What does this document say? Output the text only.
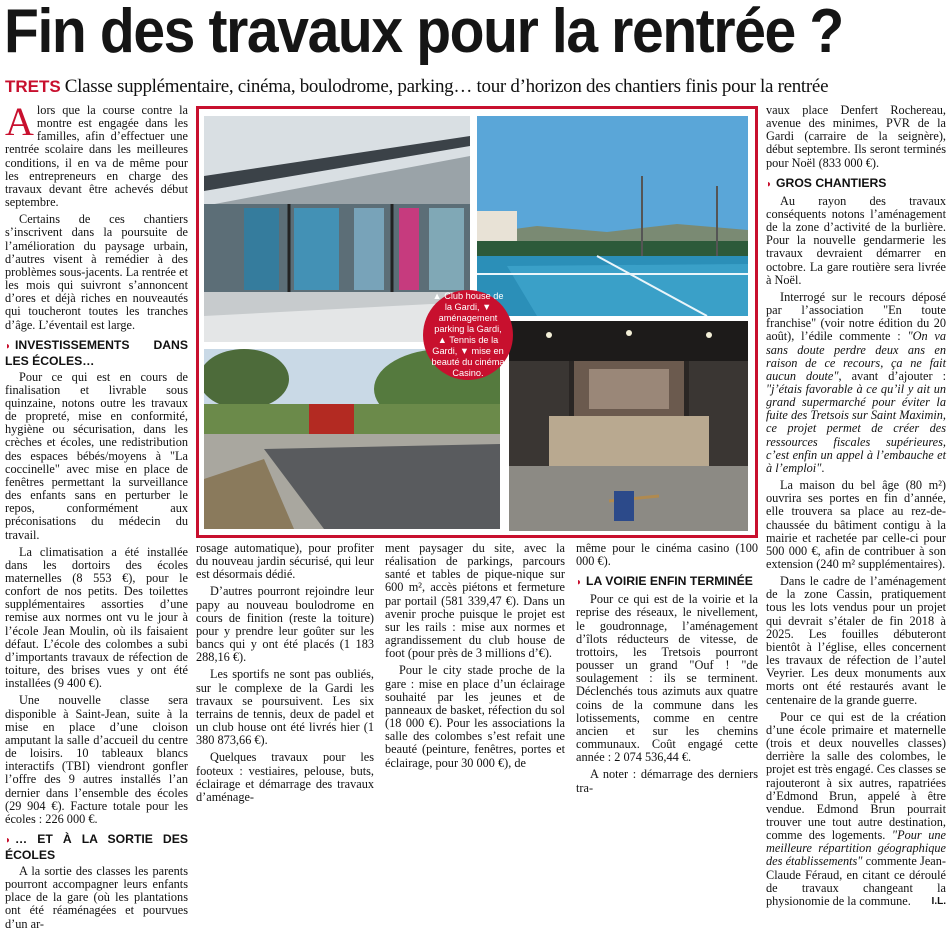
Fin des travaux pour la rentrée ?
TRETS Classe supplémentaire, cinéma, boulodrome, parking… tour d’horizon des chantiers finis pour la rentrée

Alors que la course contre la montre est engagée dans les familles, afin d’effectuer une rentrée scolaire dans les meilleures conditions, il en va de même pour les entrepreneurs en charge des travaux devant être achevés début septembre.

Certains de ces chantiers s’inscrivent dans la poursuite de l’amélioration du paysage urbain, d’autres visent à remédier à des problèmes sous-jacents. La rentrée et les mois qui suivront s’annoncent d’ores et déjà riches en nouveautés qui toucheront toutes les tranches d’âge. L’éventail est large.

◗ INVESTISSEMENTS DANS LES ÉCOLES…

Pour ce qui est en cours de finalisation et livrable sous quinzaine, notons outre les travaux de propreté, mise en conformité, hygiène ou sécurisation, dans les crèches et écoles, une redistribution des espaces bébés/moyens à "La coccinelle" avec mise en place de fenêtres permettant la surveillance des enfants sans en perturber le repos, conformément aux préconisations du médecin du travail.

La climatisation a été installée dans les dortoirs des écoles maternelles (8 553 €), pour le confort de nos petits. Des toilettes supplémentaires assorties d’une remise aux normes ont vu le jour à l’école Jean Moulin, où ils faisaient défaut. L’école des colombes a subi d’importants travaux de réfection de toiture, des brises vues y ont été installées (9 400 €).

Une nouvelle classe sera disponible à Saint-Jean, suite à la mise en place d’une cloison amputant la salle d’accueil du centre de loisirs. 10 tableaux blancs interactifs (TBI) viendront gonfler l’offre des 9 autres installés l’an dernier dans l’ensemble des écoles (29 904 €). Facture totale pour les écoles : 226 000 €.

◗ … ET À LA SORTIE DES ÉCOLES

A la sortie des classes les parents pourront accompagner leurs enfants place de la gare (où les plantations ont été réaménagées et pourvues d’un ar-

▲ Club house de la Gardi, ▼ aménagement parking la Gardi, ▲ Tennis de la Gardi, ▼ mise en beauté du cinéma Casino.

rosage automatique), pour profiter du nouveau jardin sécurisé, qui leur est désormais dédié.

D’autres pourront rejoindre leur papy au nouveau boulodrome en cours de finition (reste la toiture) pour y prendre leur goûter sur les bancs qui y ont été placés (1 183 288,16 €).

Les sportifs ne sont pas oubliés, sur le complexe de la Gardi les travaux se poursuivent. Les six terrains de tennis, deux de padel et un club house ont été livrés hier (1 380 873,66 €).

Quelques travaux pour les footeux : vestiaires, pelouse, buts, éclairage et démarrage des travaux d’aménage-

ment paysager du site, avec la réalisation de parkings, parcours santé et tables de pique-nique sur 600 m², accès piétons et fermeture par portail (581 339,47 €). Dans un avenir proche puisque le projet est sur les rails : mise aux normes et agrandissement du club house de foot (pour près de 3 millions d’€).

Pour le city stade proche de la gare : mise en place d’un éclairage souhaité par les jeunes et de panneaux de basket, réfection du sol (18 000 €). Pour les associations la salle des colombes s’est refait une beauté (peinture, fenêtres, portes et éclairage, pour 30 000 €), de

même pour le cinéma casino (100 000 €).

◗ LA VOIRIE ENFIN TERMINÉE

Pour ce qui est de la voirie et la reprise des réseaux, le nivellement, le goudronnage, l’aménagement d’îlots réducteurs de vitesse, de trottoirs, les Tretsois pourront pousser un grand "Ouf ! "de soulagement : ils se terminent. Déclenchés tous azimuts aux quatre coins de la commune dans les lotissements, comme en centre ancien et sur les chemins communaux. Coût engagé cette année : 2 074 536,44 €.

A noter : démarrage des derniers tra-

vaux place Denfert Rochereau, avenue des minimes, PVR de la Gardi (carraire de la seignère), début septembre. Ils seront terminés pour Noël (833 000 €).

◗ GROS CHANTIERS

Au rayon des travaux conséquents notons l’aménagement de la zone d’activité de la burlière. Pour la nouvelle gendarmerie les travaux devraient démarrer en octobre. La gare routière sera livrée à Noël.

Interrogé sur le recours déposé par l’association "En toute franchise" (voir notre édition du 20 août), l’édile commente : "On va sans doute perdre deux ans en raison de ce recours, ça ne fait aucun doute", avant d’ajouter : "j’étais favorable à ce qu’il y ait un grand supermarché pour éviter la fuite des Tretsois sur Saint Maximin, ce projet permet de créer des ressources fiscales supérieures, c’est enfin un appel à l’embauche et à l’emploi".

La maison du bel âge (80 m²) ouvrira ses portes en fin d’année, elle trouvera sa place au rez-de-chaussée du bâtiment contigu à la mairie et rachetée par celle-ci pour 500 000 €, afin de contribuer à son extension (240 m² supplémentaires).

Dans le cadre de l’aménagement de la zone Cassin, pratiquement tous les lots vendus pour un projet qui devrait s’étaler de fin 2018 à 2025. Les fouilles débuteront bientôt à l’église, elles concernent les travaux de réfection de l’autel Veyrier. Les deux monuments aux morts ont été restaurés avant le centenaire de la grande guerre.

Pour ce qui est de la création d’une école primaire et maternelle (trois et deux nouvelles classes) derrière la salle des colombes, le projet est très engagé. Ces classes se rajouteront à six autres, rapatriées d’Edmond Brun, appelé à être vendue. Edmond Brun pourrait trouver une tout autre destination, comme des logements. "Pour une meilleure répartition géographique des établissements" commente Jean-Claude Féraud, en citant ce déroulé de travaux changeant la physionomie de la commune.	I.L.
